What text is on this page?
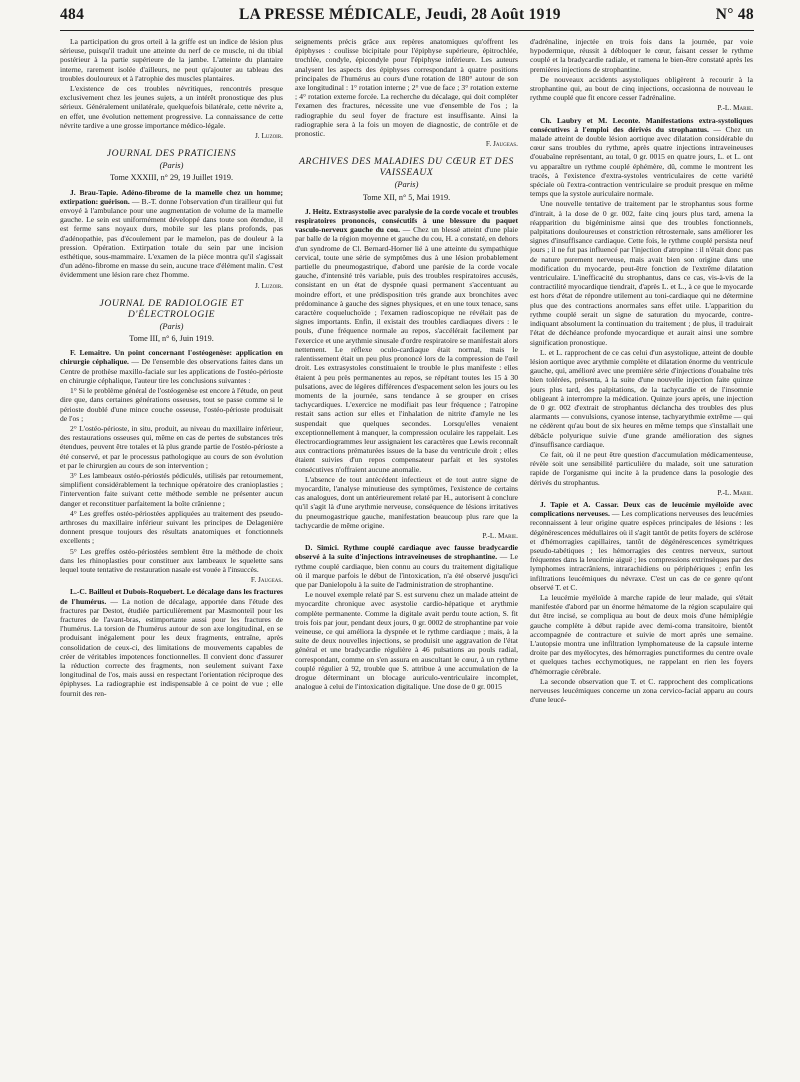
484	LA PRESSE MÉDICALE, Jeudi, 28 Août 1919	N° 48

La participation du gros orteil à la griffe est un indice de lésion plus sérieuse, puisqu'il traduit une atteinte du nerf de ce muscle, ni du tibial postérieur à la partie supérieure de la jambe. L'atteinte du plantaire interne, rarement isolée d'ailleurs, ne peut qu'ajouter au tableau des troubles douloureux et à l'atrophie des muscles plantaires.

L'existence de ces troubles névritiques, rencontrés presque exclusivement chez les jeunes sujets, a un intérêt pronostique des plus sérieux. Généralement unilatérale, quelquefois bilatérale, cette névrite a, en effet, une évolution nettement progressive. La connaissance de cette névrite tardive a une grosse importance médico-légale.

J. Luzoir.
JOURNAL DES PRATICIENS
(Paris)
Tome XXXIII, n° 29, 19 Juillet 1919.

J. Brau-Tapie. Adéno-fibrome de la mamelle chez un homme; extirpation: guérison. — B.-T. donne l'observation d'un tirailleur qui fut envoyé à l'ambulance pour une augmentation de volume de la mamelle gauche. Le sein est uniformément développé dans toute son étendue, il est ferme sans noyaux durs, mobile sur les plans profonds, pas d'adénopathie, pas d'écoulement par le mamelon, pas de douleur à la pression. Opération. Extirpation totale du sein par une incision esthétique, sous-mammaire. L'examen de la pièce montra qu'il s'agissait d'un adéno-fibrome en masse du sein, aucune trace d'élément malin. C'est évidemment une lésion rare chez l'homme.

J. Luzoir.
JOURNAL DE RADIOLOGIE ET D'ÉLECTROLOGIE
(Paris)
Tome III, n° 6, Juin 1919.

F. Lemaitre. Un point concernant l'ostéogenèse: application en chirurgie céphalique. — De l'ensemble des observations faites dans un Centre de prothèse maxillo-faciale sur les applications de l'ostéo-périoste en chirurgie céphalique, l'auteur tire les conclusions suivantes :

1° Si le problème général de l'ostéogenèse est encore à l'étude, on peut dire que, dans certaines générations osseuses, tout se passe comme si le périoste doublé d'une mince couche osseuse, l'ostéo-périoste produisait de l'os ;

2° L'ostéo-périoste, in situ, produit, au niveau du maxillaire inférieur, des restaurations osseuses qui, même en cas de pertes de substances très étendues, peuvent être totales et là plus grande partie de l'ostéo-périoste a été conservé, et par le processus pathologique au cours de son évolution et par le chirurgien au cours de son intervention ;

3° Les lambeaux ostéo-périostés pédiculés, utilisés par retournement, simplifient considérablement la technique opératoire des cranioplasties ; l'intervention faite suivant cette méthode semble ne présenter aucun danger et reconstituer parfaitement la boîte crânienne ;

4° Les greffes ostéo-périostées appliquées au traitement des pseudo-arthroses du maxillaire inférieur suivant les principes de Delagenière donnent presque toujours des résultats anatomiques et fonctionnels excellents ;

5° Les greffes ostéo-périostées semblent être la méthode de choix dans les rhinoplasties pour constituer aux lambeaux le squelette sans lequel toute tentative de restauration nasale est vouée à l'insuccès.

F. Jaugeas.

L.-C. Bailleul et Dubois-Roquebert. Le décalage dans les fractures de l'humérus. — La notion de décalage, apportée dans l'étude des fractures par Destot, étudiée particulièrement par Masmonteil pour les fractures de l'avant-bras, estimportante aussi pour les fractures de l'humérus. La torsion de l'humérus autour de son axe longitudinal, en se produisant inégalement pour les deux fragments, entraîne, après consolidation de ceux-ci, des limitations de mouvements capables de créer de véritables impotences fonctionnelles. Il convient donc d'assurer la réduction correcte des fragments, non seulement suivant l'axe longitudinal de l'os, mais aussi en respectant l'orientation réciproque des épiphyses. La radiographie est indispensable à ce point de vue ; elle fournit des ren-

seignements précis grâce aux repères anatomiques qu'offrent les épiphyses : coulisse bicipitale pour l'épiphyse supérieure, épitrochlée, trochlée, condyle, épicondyle pour l'épiphyse inférieure. Les auteurs analysent les aspects des épiphyses correspondant à quatre positions principales de l'humérus au cours d'une rotation de 180° autour de son axe longitudinal : 1° rotation interne ; 2° vue de face ; 3° rotation externe ; 4° rotation externe forcée. La recherche du décalage, qui doit compléter l'examen des fractures, nécessite une vue d'ensemble de l'os ; la radiographie du seul foyer de fracture est insuffisante. Ainsi la radiographie sera à la fois un moyen de diagnostic, de contrôle et de pronostic.

F. Jaugeas.
ARCHIVES DES MALADIES DU CŒUR ET DES VAISSEAUX
(Paris)
Tome XII, n° 5, Mai 1919.

J. Heitz. Extrasystolie avec paralysie de la corde vocale et troubles respiratoires prononcés, consécutifs à une blessure du paquet vasculo-nerveux gauche du cou. — Chez un blessé atteint d'une plaie par balle de la région moyenne et gauche du cou, H. a constaté, en dehors d'un syndrome de Cl. Bernard-Horner lié à une atteinte du sympathique cervical, toute une série de symptômes dus à une lésion probablement partielle du pneumogastrique, d'abord une parésie de la corde vocale gauche, d'intensité très variable, puis des troubles respiratoires accusés, consistant en un état de dyspnée quasi permanent s'accentuant au moindre effort, et une prédisposition très grande aux bronchites avec prédominance à gauche des signes physiques, et en une toux tenace, sans caractère coqueluchoïde ; l'examen radioscopique ne révélait pas de signes importants. Enfin, il existait des troubles cardiaques divers : le pouls, d'une fréquence normale au repos, s'accélérait facilement par l'exercice et une arythmie sinusale d'ordre respiratoire se manifestait alors nettement. Le réflexe oculo-cardiaque était normal, mais le ralentissement était un peu plus prononcé lors de la compression de l'œil droit. Les extrasystoles constituaient le trouble le plus manifeste : elles étaient à peu près permanentes au repos, se répétant toutes les 15 à 30 pulsations, avec de légères différences d'espacement selon les jours ou les moments de la journée, sans tendance à se grouper en crises tachycardiques. L'exercice ne modifiait pas leur fréquence ; l'atropine restait sans action sur elles et l'inhalation de nitrite d'amyle ne les suspendait que quelques secondes. Lorsqu'elles venaient exceptionnellement à manquer, la compression oculaire les rappelait. Les électrocardiogrammes leur assignaient les caractères que Lewis reconnaît aux contractions prématurées issues de la base du ventricule droit ; elles étaient suivies d'un repos compensateur parfait et les systoles consécutives n'offraient aucune anomalie.

L'absence de tout antécédent infectieux et de tout autre signe de myocardite, l'analyse minutieuse des symptômes, l'existence de certains cas analogues, dont un antérieurement relaté par H., autorisent à conclure qu'il s'agit là d'une arythmie nerveuse, conséquence de lésions irritatives du pneumogastrique gauche, manifestation beaucoup plus rare que la tachycardie de même origine.

P.-L. Marie.

D. Simici. Rythme couplé cardiaque avec fausse bradycardie observé à la suite d'injections intraveineuses de strophantine. — Le rythme couplé cardiaque, bien connu au cours du traitement digitalique où il marque parfois le début de l'intoxication, n'a été observé jusqu'ici que par Danielopolu à la suite de l'administration de strophantine.

Le nouvel exemple relaté par S. est survenu chez un malade atteint de myocardite chronique avec asystolie cardio-hépatique et arythmie complète permanente. Comme la digitale avait perdu toute action, S. fit trois fois par jour, pendant deux jours, 0 gr. 0002 de strophantine par voie veineuse, ce qui améliora la dyspnée et le rythme cardiaque ; mais, à la suite de deux nouvelles injections, se produisit une aggravation de l'état général et une bradycardie régulière à 46 pulsations au pouls radial, correspondant, comme on s'en assura en auscultant le cœur, à un rythme couplé régulier à 92, trouble que S. attribue à une accumulation de la drogue déterminant un blocage auriculo-ventriculaire incomplet, analogue à celui de l'intoxication digitalique. Une dose de 0 gr. 0015

d'adrénaline, injectée en trois fois dans la journée, par voie hypodermique, réussit à débloquer le cœur, faisant cesser le rythme couplé et la bradycardie radiale, et ramena le bien-être constaté après les premières injections de strophantine.

De nouveaux accidents asystoliques obligèrent à recourir à la strophantine qui, au bout de cinq injections, occasionna de nouveau le rythme couplé que fit encore cesser l'adrénaline.

P.-L. Marie.

Ch. Laubry et M. Leconte. Manifestations extra-systoliques consécutives à l'emploi des dérivés du strophantus. — Chez un malade atteint de double lésion aortique avec dilatation considérable du cœur sans troubles du rythme, après quatre injections intraveineuses d'ouabaïne représentant, au total, 0 gr. 0015 en quatre jours, L. et L. ont vu apparaître un rythme couplé éphémère, dû, comme le montrent les tracés, à l'existence d'extra-systoles ventriculaires de cette variété spéciale où l'extra-contraction ventriculaire se produit presque en même temps que la systole auriculaire normale.

Une nouvelle tentative de traitement par le strophantus sous forme d'intrait, à la dose de 0 gr. 002, faite cinq jours plus tard, amena la réapparition du bigéminisme ainsi que des troubles fonctionnels, palpitations douloureuses et constriction rétrosternale, sans améliorer les signes d'insuffisance cardiaque. Cette fois, le rythme couplé persista neuf jours ; il ne fut pas influencé par l'injection d'atropine : il n'était donc pas de nature purement nerveuse, mais avait bien son origine dans une modification du myocarde, peut-être fonction de l'extrême dilatation ventriculaire. L'inefficacité du strophantus, dans ce cas, vis-à-vis de la contractilité myocardique tiendrait, d'après L. et L., à ce que le myocarde est hors d'état de répondre utilement au toni-cardiaque qui ne détermine plus que des contractions anormales sans effet utile. L'apparition du rythme couplé serait un signe de saturation du myocarde, contre-indiquant absolument la continuation du traitement ; de plus, il traduirait l'état de déchéance profonde myocardique et aurait ainsi une sombre signification pronostique.

L. et L. rapprochent de ce cas celui d'un asystolique, atteint de double lésion aortique avec arythmie complète et dilatation énorme du ventricule gauche, qui, amélioré avec une première série d'injections d'ouabaïne très bien tolérées, présenta, à la suite d'une nouvelle injection faite quinze jours plus tard, des palpitations, de la tachycardie et de l'insomnie obligeant à interrompre la médication. Quinze jours après, une injection de 0 gr. 002 d'extrait de strophantus déclancha des troubles des plus alarmants — convulsions, cyanose intense, tachyarythmie extrême — qui ne cédèrent qu'au bout de six heures en même temps que s'installait une débâcle polyurique suivie d'une grande amélioration des signes d'insuffisance cardiaque.

Ce fait, où il ne peut être question d'accumulation médicamenteuse, révèle soit une sensibilité particulière du malade, soit une saturation rapide de l'organisme qui incite à la prudence dans la posologie des dérivés du strophantus.

P.-L. Marie.

J. Tapie et A. Cassar. Deux cas de leucémie myéloïde avec complications nerveuses. — Les complications nerveuses des leucémies reconnaissent à leur origine quatre espèces principales de lésions : les dégénérescences médullaires où il s'agit tantôt de petits foyers de sclérose et d'hémorragies capillaires, tantôt de dégénérescences symétriques pseudo-tabétiques ; les hémorragies des centres nerveux, surtout fréquentes dans la leucémie aiguë ; les compressions extrinsèques par des lymphomes intracrâniens, intrarachidiens ou périphériques ; enfin les infiltrations leucémiques du névraxe. C'est un cas de ce genre qu'ont observé T. et C.

La leucémie myéloïde à marche rapide de leur malade, qui s'était manifestée d'abord par un énorme hématome de la région scapulaire qui dut être incisé, se compliqua au bout de deux mois d'une hémiplégie gauche complète à début rapide avec demi-coma transitoire, bientôt accompagnée de contracture et suivie de mort après une semaine. L'autopsie montra une infiltration lymphomateuse de la capsule interne droite par des myélocytes, des hémorragies punctiformes du centre ovale et quelques taches ecchymotiques, ne rappelant en rien les foyers d'hémorragie cérébrale.

La seconde observation que T. et C. rapprochent des complications nerveuses leucémiques concerne un zona cervico-facial apparu au cours d'une leucé-
